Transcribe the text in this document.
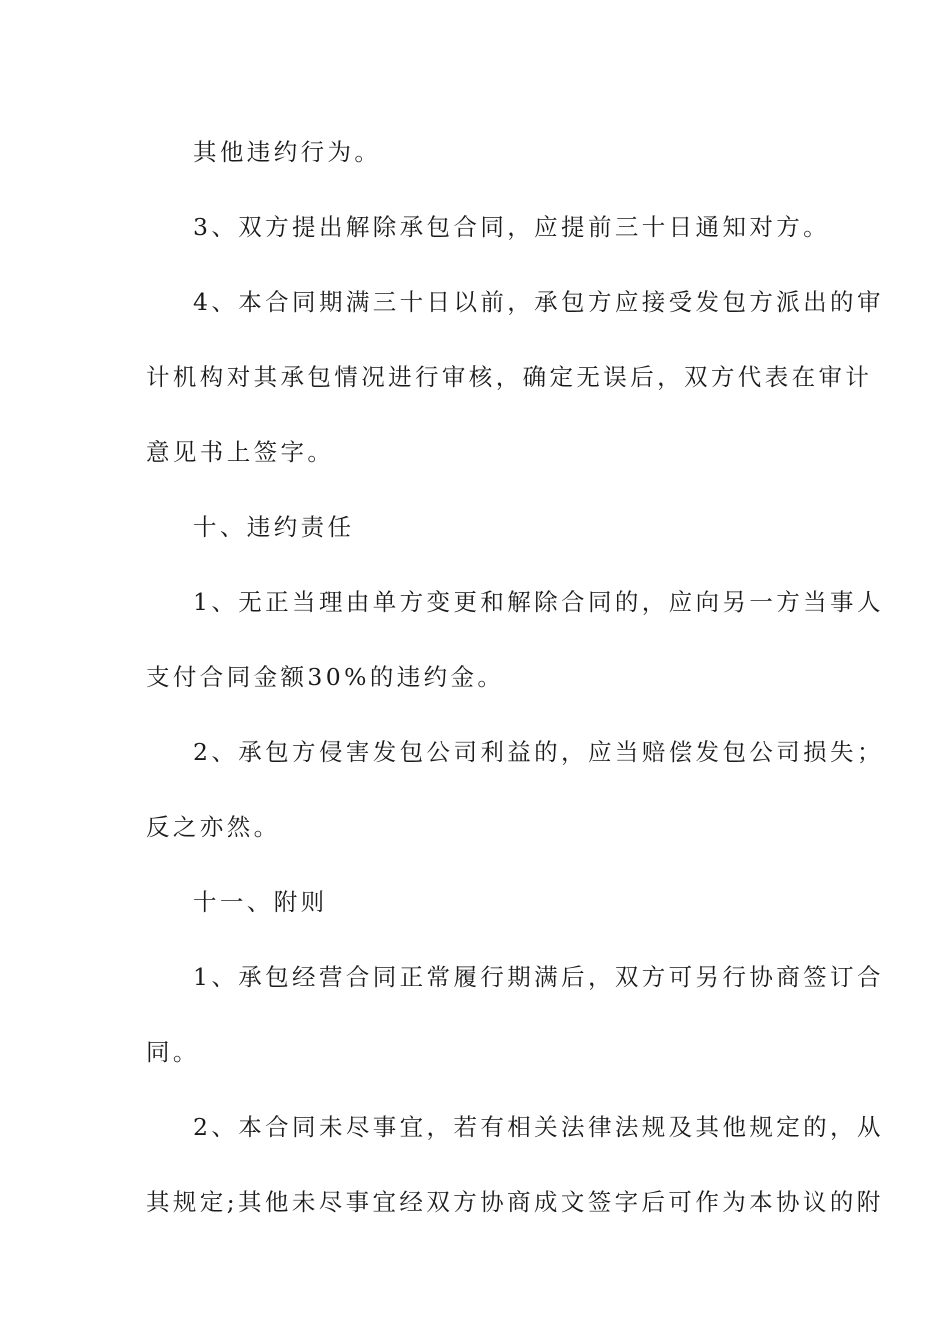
其他违约行为。
3、双方提出解除承包合同，应提前三十日通知对方。
4、本合同期满三十日以前，承包方应接受发包方派出的审
计机构对其承包情况进行审核，确定无误后，双方代表在审计
意见书上签字。
十、违约责任
1、无正当理由单方变更和解除合同的，应向另一方当事人
支付合同金额30%的违约金。
2、承包方侵害发包公司利益的，应当赔偿发包公司损失；
反之亦然。
十一、附则
1、承包经营合同正常履行期满后，双方可另行协商签订合
同。
2、本合同未尽事宜，若有相关法律法规及其他规定的，从
其规定;其他未尽事宜经双方协商成文签字后可作为本协议的附
